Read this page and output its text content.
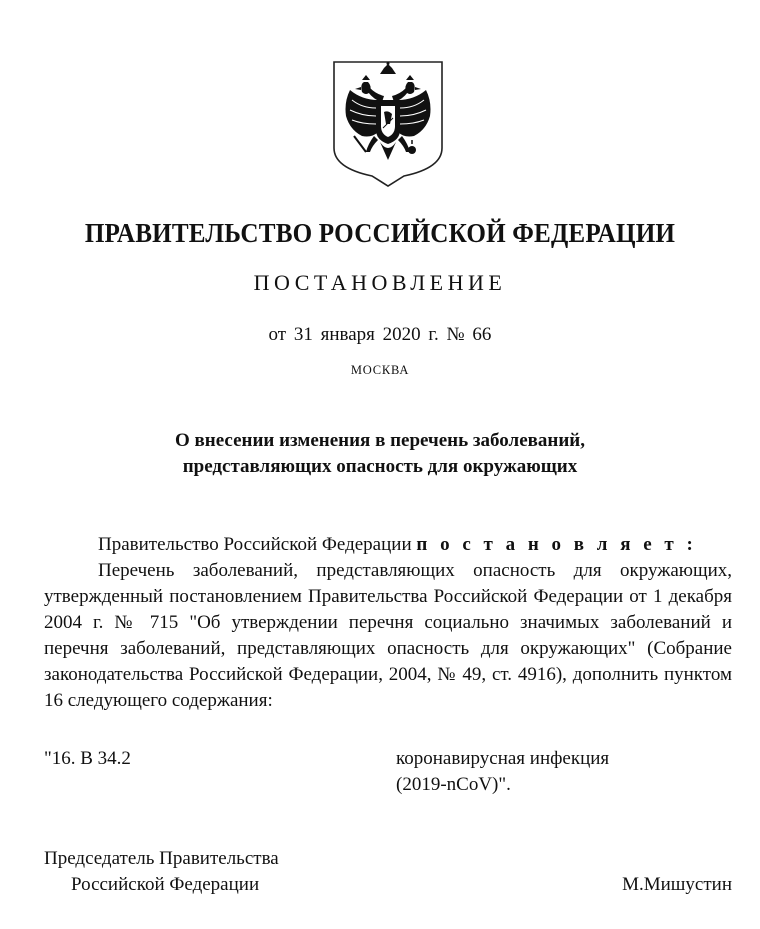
ПРАВИТЕЛЬСТВО РОССИЙСКОЙ ФЕДЕРАЦИИ
ПОСТАНОВЛЕНИЕ
от 31 января 2020 г. № 66
МОСКВА
О внесении изменения в перечень заболеваний,
представляющих опасность для окружающих
Правительство Российской Федерации п о с т а н о в л я е т :
Перечень заболеваний, представляющих опасность для окружающих, утвержденный постановлением Правительства Российской Федерации от 1 декабря 2004 г. № 715 "Об утверждении перечня социально значимых заболеваний и перечня заболеваний, представляющих опасность для окружающих" (Собрание законодательства Российской Федерации, 2004, № 49, ст. 4916), дополнить пунктом 16 следующего содержания:
"16. В 34.2	коронавирусная инфекция
(2019-nCoV)".
Председатель Правительства
Российской Федерации	М.Мишустин
